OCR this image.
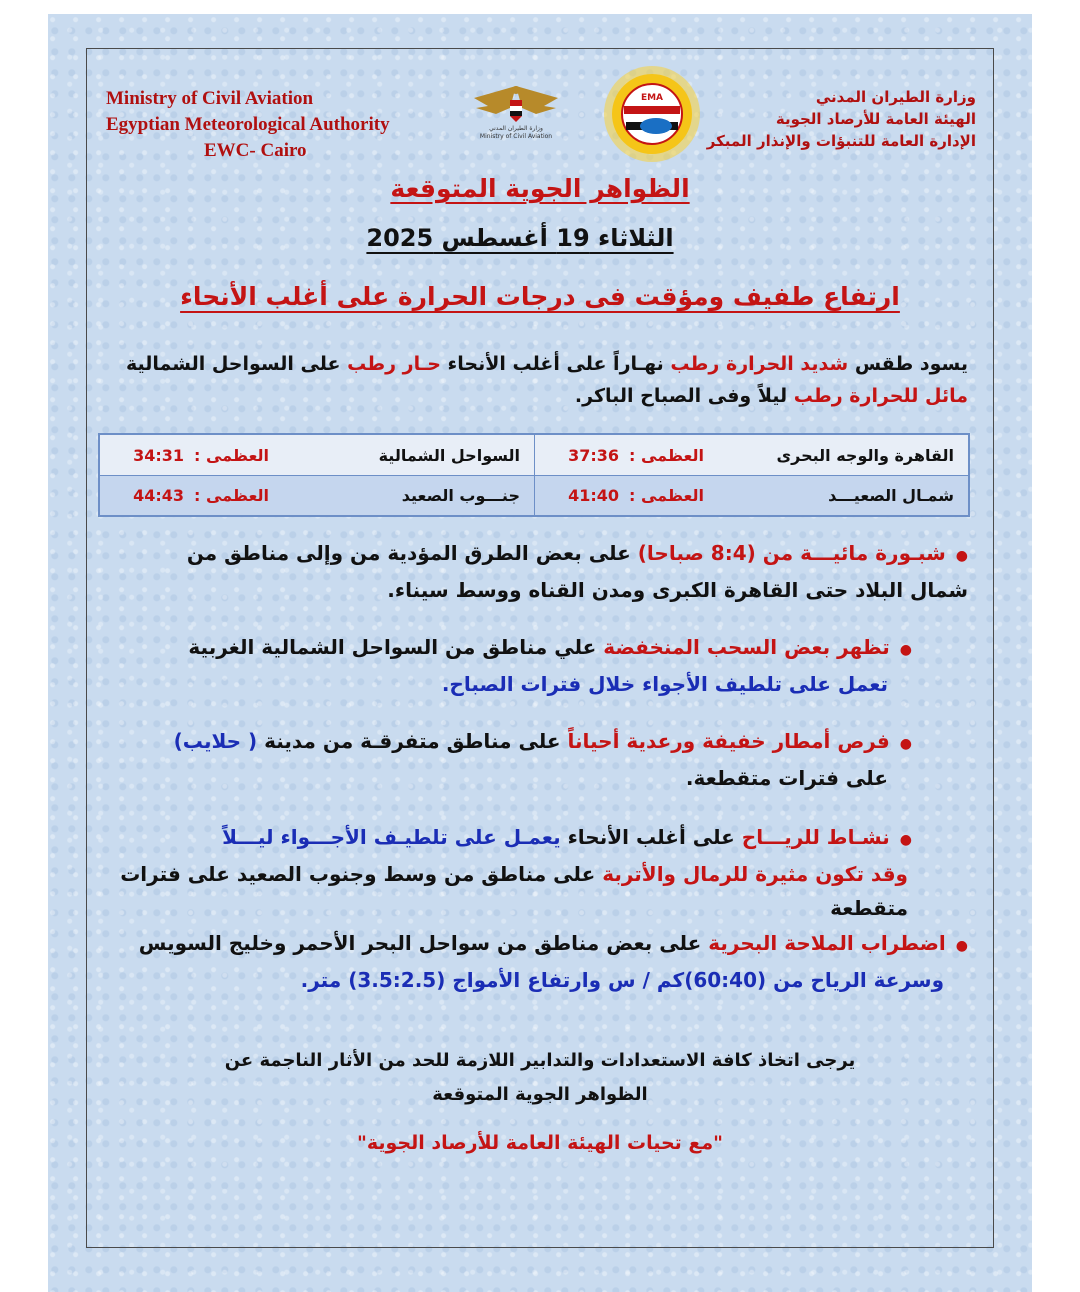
Ministry of Civil Aviation
Egyptian Meteorological Authority
EWC- Cairo
وزارة الطيران المدني
Ministry of Civil Aviation
EMA	وزارة الطيران المدني
الهيئة العامة للأرصاد الجوية
الإدارة العامة للتنبؤات والإنذار المبكر
الظواهر الجوية المتوقعة
الثلاثاء 19 أغسطس 2025
ارتفاع طفيف ومؤقت فى درجات الحرارة على أغلب الأنحاء
يسود طقس شديد الحرارة رطب نهـاراً على أغلب الأنحاء حـار رطب على السواحل الشمالية مائل للحرارة رطب ليلاً وفى الصباح الباكر.
القاهرة والوجه البحرى
العظمى :
37:36
السواحل الشمالية
العظمى :
34:31
شمـال الصعيـــد
العظمى :
41:40
جنـــوب الصعيد
العظمى :
44:43
●شبـورة مائيـــة من (8:4 صباحا) على بعض الطرق المؤدية من وإلى مناطق من
شمال البلاد حتى القاهرة الكبرى ومدن القناه ووسط سيناء.
●تظهر بعض السحب المنخفضة علي مناطق من السواحل الشمالية الغربية
تعمل على تلطيف الأجواء خلال فترات الصباح.
●فرص أمطار خفيفة ورعدية أحياناً على مناطق متفرقـة من مدينة ( حلايب)
على فترات متقطعة.
●نشـاط للريـــاح على أغلب الأنحاء يعمـل على تلطيـف الأجـــواء ليـــلاً
وقد تكون مثيرة للرمال والأتربة على مناطق من وسط وجنوب الصعيد على فترات متقطعة
●اضطراب الملاحة البحرية على بعض مناطق من سواحل البحر الأحمر وخليج السويس
وسرعة الرياح من (60:40)كم / س وارتفاع الأمواج (3.5:2.5) متر.
يرجى اتخاذ كافة الاستعدادات والتدابير اللازمة للحد من الأثار الناجمة عن
الظواهر الجوية المتوقعة
"مع تحيات الهيئة العامة للأرصاد الجوية"
